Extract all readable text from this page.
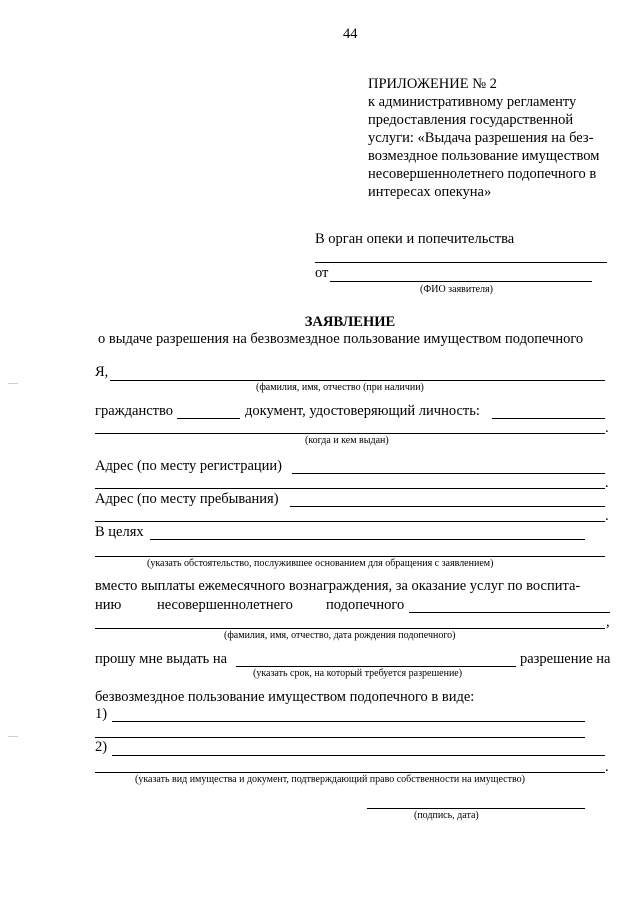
44
ПРИЛОЖЕНИЕ № 2
к административному регламенту
предоставления государственной
услуги: «Выдача разрешения на без-
возмездное пользование имуществом
несовершеннолетнего подопечного в
интересах опекуна»
В орган опеки и попечительства
от
(ФИО заявителя)
ЗАЯВЛЕНИЕ
о выдаче разрешения на безвозмездное пользование имуществом подопечного
Я,
(фамилия, имя, отчество (при наличии)
гражданство	документ, удостоверяющий личность:
.
(когда и кем выдан)
Адрес (по месту регистрации)
.
Адрес (по месту пребывания)
.
В целях
(указать обстоятельство, послужившее основанием для обращения с заявлением)
вместо выплаты ежемесячного вознаграждения, за оказание услуг по воспита-
нию несовершеннолетнего подопечного
,
(фамилия, имя, отчество, дата рождения подопечного)
прошу мне выдать на
(указать срок, на который требуется разрешение)
разрешение на
безвозмездное пользование имуществом подопечного в виде:
1)
2)
.
(указать вид имущества и документ, подтверждающий право собственности на имущество)
(подпись, дата)
